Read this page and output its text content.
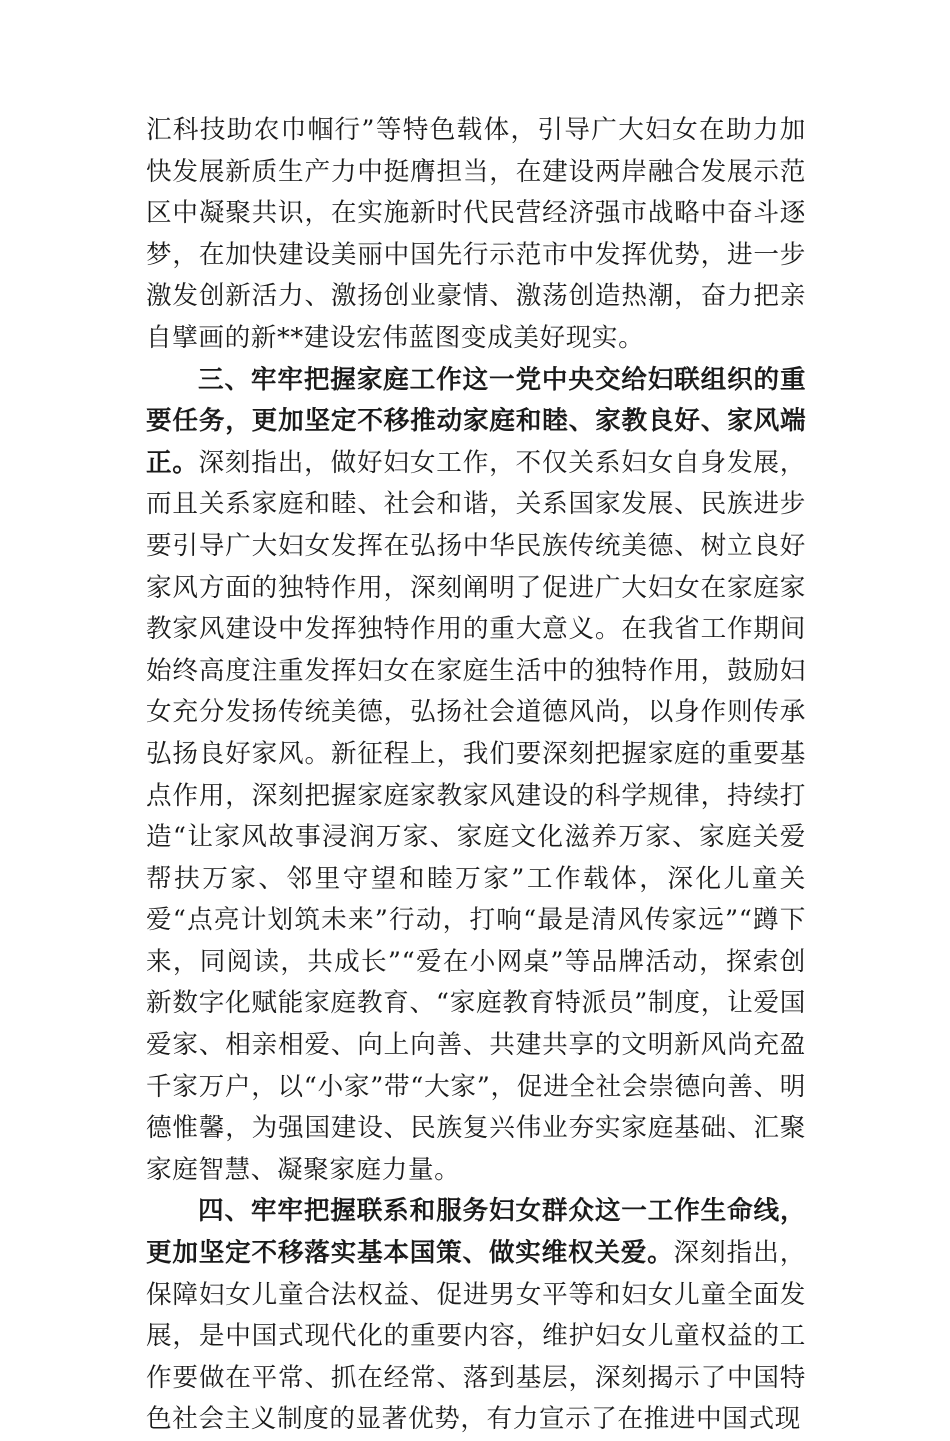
汇科技助农巾帼行”等特色载体，引导广大妇女在助力加快发展新质生产力中挺膺担当，在建设两岸融合发展示范区中凝聚共识，在实施新时代民营经济强市战略中奋斗逐梦，在加快建设美丽中国先行示范市中发挥优势，进一步激发创新活力、激扬创业豪情、激荡创造热潮，奋力把亲自擘画的新**建设宏伟蓝图变成美好现实。

三、牢牢把握家庭工作这一党中央交给妇联组织的重要任务，更加坚定不移推动家庭和睦、家教良好、家风端正。深刻指出，做好妇女工作，不仅关系妇女自身发展，而且关系家庭和睦、社会和谐，关系国家发展、民族进步要引导广大妇女发挥在弘扬中华民族传统美德、树立良好家风方面的独特作用，深刻阐明了促进广大妇女在家庭家教家风建设中发挥独特作用的重大意义。在我省工作期间始终高度注重发挥妇女在家庭生活中的独特作用，鼓励妇女充分发扬传统美德，弘扬社会道德风尚，以身作则传承弘扬良好家风。新征程上，我们要深刻把握家庭的重要基点作用，深刻把握家庭家教家风建设的科学规律，持续打造“让家风故事浸润万家、家庭文化滋养万家、家庭关爱帮扶万家、邻里守望和睦万家”工作载体，深化儿童关爱“点亮计划筑未来”行动，打响“最是清风传家远”“蹲下来，同阅读，共成长”“爱在小网桌”等品牌活动，探索创新数字化赋能家庭教育、“家庭教育特派员”制度，让爱国爱家、相亲相爱、向上向善、共建共享的文明新风尚充盈千家万户，以“小家”带“大家”，促进全社会崇德向善、明德惟馨，为强国建设、民族复兴伟业夯实家庭基础、汇聚家庭智慧、凝聚家庭力量。

四、牢牢把握联系和服务妇女群众这一工作生命线，更加坚定不移落实基本国策、做实维权关爱。深刻指出，保障妇女儿童合法权益、促进男女平等和妇女儿童全面发展，是中国式现代化的重要内容，维护妇女儿童权益的工作要做在平常、抓在经常、落到基层，深刻揭示了中国特色社会主义制度的显著优势，有力宣示了在推进中国式现
